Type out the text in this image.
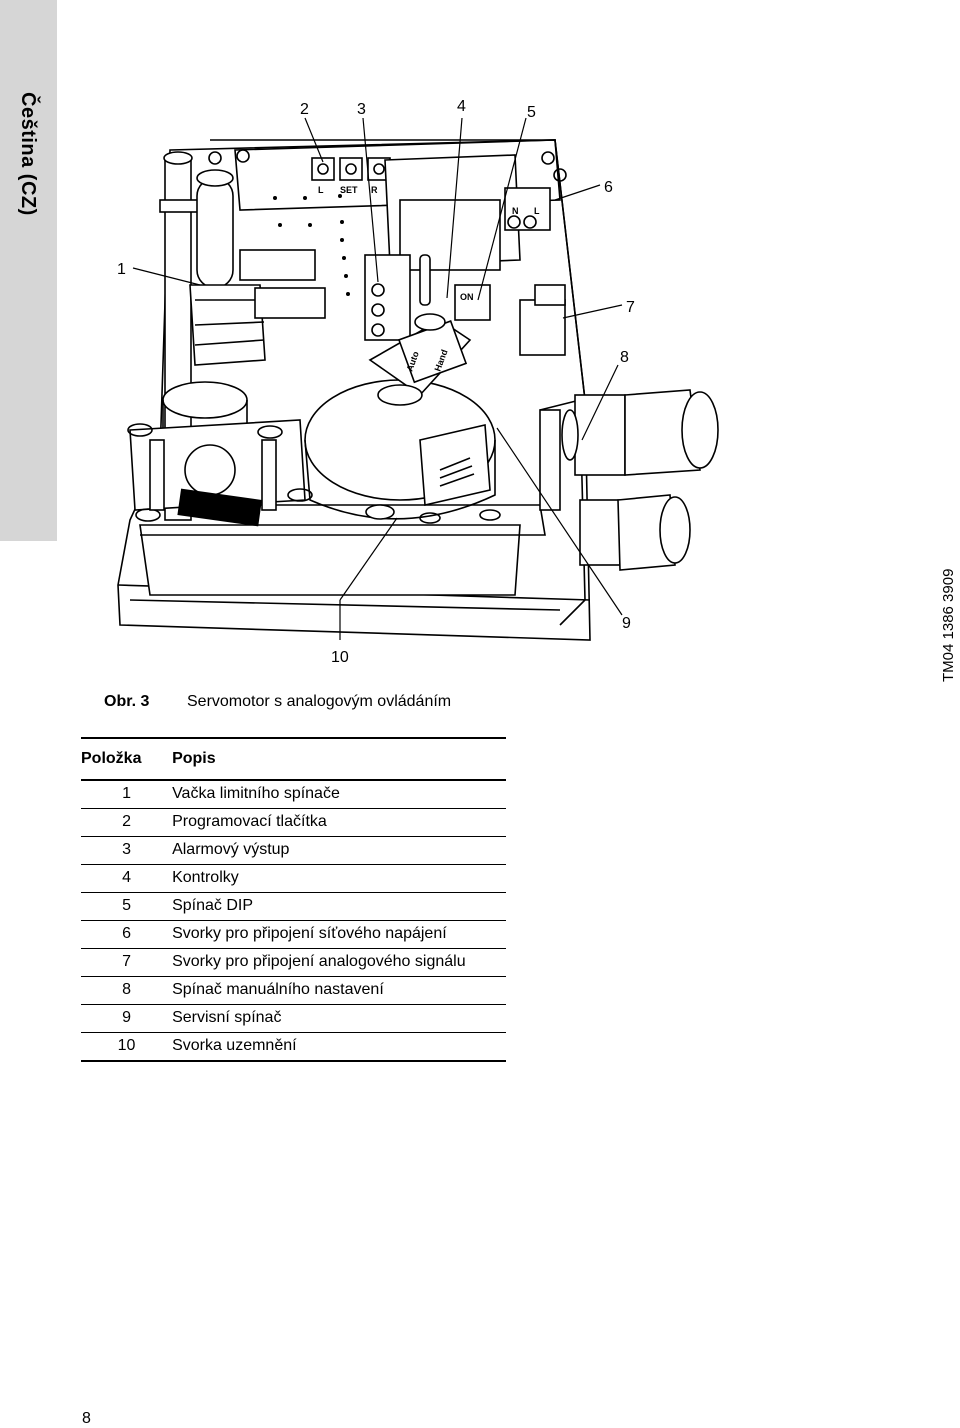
Čeština (CZ)
1
2	3	4	5
6
7
8
9
10
L SET R
N L
ON
Auto Hand
TM04 1386 3909
Obr. 3 Servomotor s analogovým ovládáním
Položka	Popis
1	Vačka limitního spínače
2	Programovací tlačítka
3	Alarmový výstup
4	Kontrolky
5	Spínač DIP
6	Svorky pro připojení síťového napájení
7	Svorky pro připojení analogového signálu
8	Spínač manuálního nastavení
9	Servisní spínač
10	Svorka uzemnění
8
